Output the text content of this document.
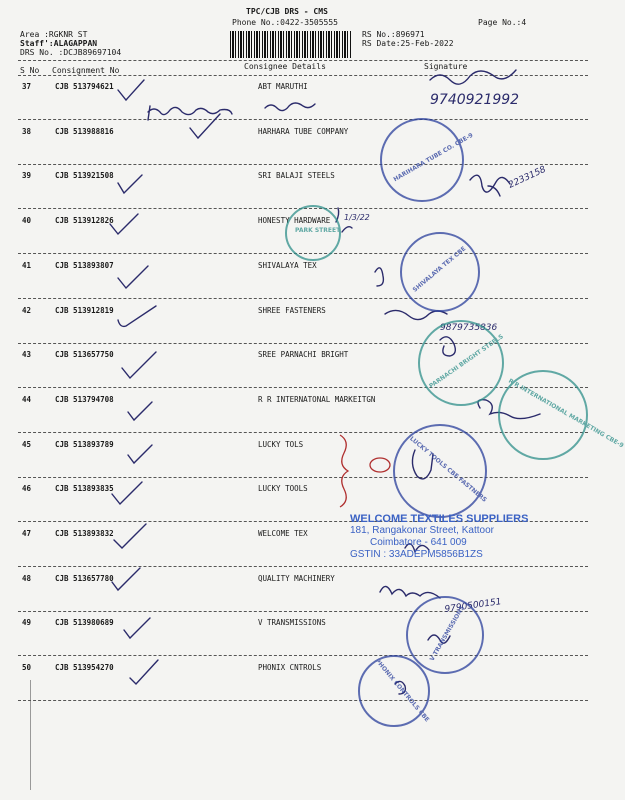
TPC/CJB DRS - CMS
Phone No.:0422-3505555
Area :RGKNR ST
Staff':ALAGAPPAN
DRS No. :DCJB89697104
RS No.:896971
RS Date:25-Feb-2022
Page No.:4
S No Consignment No	Consignee Details	Signature
37	CJB 513794621	ABT MARUTHI
38	CJB 513988816	HARHARA TUBE COMPANY
39	CJB 513921508	SRI BALAJI STEELS
40	CJB 513912826	HONESTY HARDWARE
41	CJB 513893807	SHIVALAYA TEX
42	CJB 513912819	SHREE FASTENERS
43	CJB 513657750	SREE PARNACHI BRIGHT
44	CJB 513794708	R R INTERNATONAL MARKEITGN
45	CJB 513893789	LUCKY TOLS
46	CJB 513893835	LUCKY TOOLS
47	CJB 513893832	WELCOME TEX
48	CJB 513657780	QUALITY MACHINERY
49	CJB 513980689	V TRANSMISSIONS
50	CJB 513954270	PHONIX CNTROLS
9740921992
2233158
9879735836
9790500151
1/3/22
HARIHARA TUBE CO. CBE-9
PARK STREET
SHIVALAYA TEX CBE
PARNACHI BRIGHT STEELS
R R INTERNATIONAL MARKETING CBE-9
LUCKY TOOLS CBE FASTNERS
V TRANSMISSIONS
PHONIX CONTROLS CBE
WELCOME TEXTILES SUPPLIERS
181, Rangakonar Street, Kattoor
Coimbatore - 641 009
GSTIN : 33ADEPM5856B1ZS
